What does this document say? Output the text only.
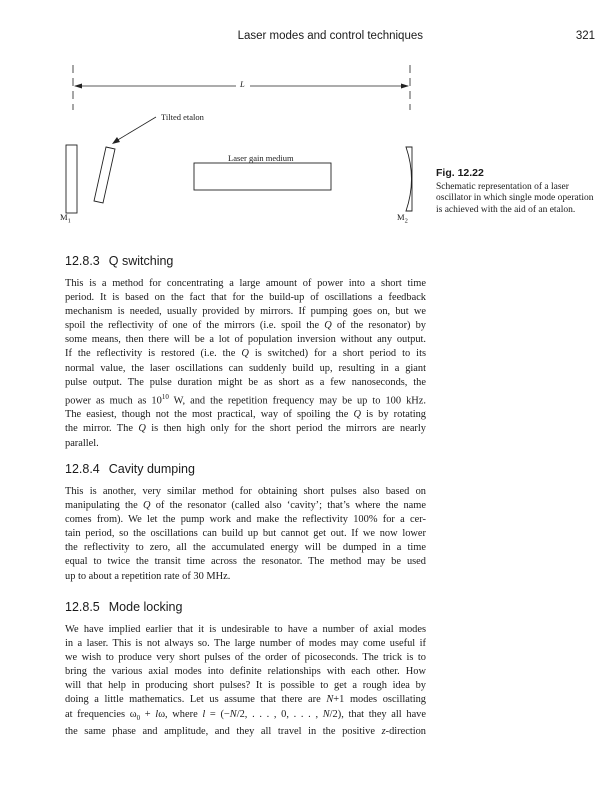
Laser modes and control techniques	321
L
Tilted etalon
Laser gain medium
$M_1$	$M_2$
Fig. 12.22
Schematic representation of a laser oscillator in which single mode operation is achieved with the aid of an etalon.
12.8.3 Q switching
This is a method for concentrating a large amount of power into a short time
period. It is based on the fact that for the build-up of oscillations a feedback
mechanism is needed, usually provided by mirrors. If pumping goes on, but we
spoil the reflectivity of one of the mirrors (i.e. spoil the Q of the resonator) by
some means, then there will be a lot of population inversion without any output.
If the reflectivity is restored (i.e. the Q is switched) for a short period to its
normal value, the laser oscillations can suddenly build up, resulting in a giant
pulse output. The pulse duration might be as short as a few nanoseconds, the
power as much as $10^{10}$ W, and the repetition frequency may be up to 100 kHz.
The easiest, though not the most practical, way of spoiling the Q is by rotating
the mirror. The Q is then high only for the short period the mirrors are nearly
parallel.
12.8.4 Cavity dumping
This is another, very similar method for obtaining short pulses also based on
manipulating the Q of the resonator (called also ‘cavity’; that’s where the name
comes from). We let the pump work and make the reflectivity 100% for a cer-
tain period, so the oscillations can build up but cannot get out. If we now lower
the reflectivity to zero, all the accumulated energy will be dumped in a time
equal to twice the transit time across the resonator. The method may be used
up to about a repetition rate of 30 MHz.
12.8.5 Mode locking
We have implied earlier that it is undesirable to have a number of axial modes
in a laser. This is not always so. The large number of modes may come useful if
we wish to produce very short pulses of the order of picoseconds. The trick is to
bring the various axial modes into definite relationships with each other. How
will that help in producing short pulses? It is possible to get a rough idea by
doing a little mathematics. Let us assume that there are N+1 modes oscillating
at frequencies $\omega_0 + l\omega$, where l = (−N/2, . . . , 0, . . . , N/2), that they all have
the same phase and amplitude, and they all travel in the positive z-direction
